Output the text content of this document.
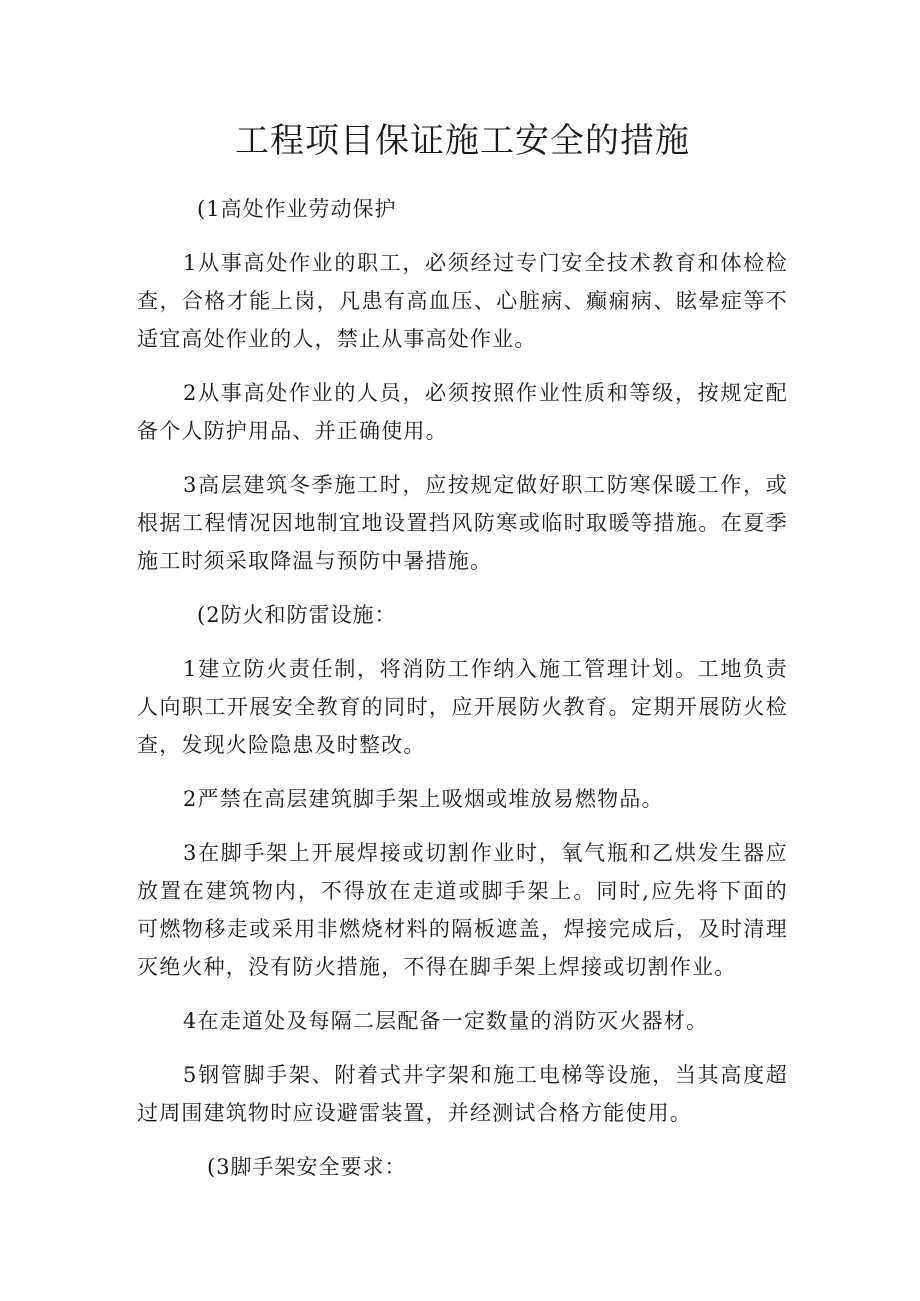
工程项目保证施工安全的措施
(1高处作业劳动保护

1从事高处作业的职工，必须经过专门安全技术教育和体检检查，合格才能上岗，凡患有高血压、心脏病、癫痫病、眩晕症等不适宜高处作业的人，禁止从事高处作业。

2从事高处作业的人员，必须按照作业性质和等级，按规定配备个人防护用品、并正确使用。

3高层建筑冬季施工时，应按规定做好职工防寒保暖工作，或根据工程情况因地制宜地设置挡风防寒或临时取暖等措施。在夏季施工时须采取降温与预防中暑措施。

(2防火和防雷设施：

1建立防火责任制，将消防工作纳入施工管理计划。工地负责人向职工开展安全教育的同时，应开展防火教育。定期开展防火检查，发现火险隐患及时整改。

2严禁在高层建筑脚手架上吸烟或堆放易燃物品。

3在脚手架上开展焊接或切割作业时，氧气瓶和乙烘发生器应放置在建筑物内，不得放在走道或脚手架上。同时,应先将下面的可燃物移走或采用非燃烧材料的隔板遮盖，焊接完成后，及时清理灭绝火种，没有防火措施，不得在脚手架上焊接或切割作业。

4在走道处及每隔二层配备一定数量的消防灭火器材。

5钢管脚手架、附着式井字架和施工电梯等设施，当其高度超过周围建筑物时应设避雷装置，并经测试合格方能使用。

(3脚手架安全要求：
